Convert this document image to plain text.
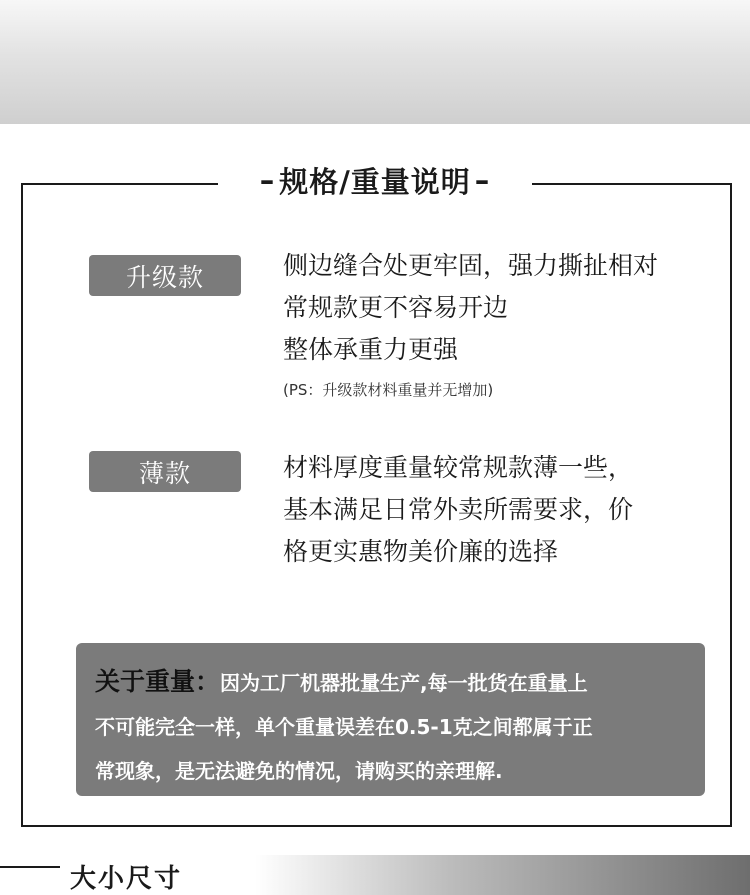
– 规格/重量说明 –
升级款	侧边缝合处更牢固，强力撕扯相对
常规款更不容易开边
整体承重力更强
(PS：升级款材料重量并无增加)
薄款	材料厚度重量较常规款薄一些，
基本满足日常外卖所需要求，价
格更实惠物美价廉的选择
关于重量：因为工厂机器批量生产,每一批货在重量上
不可能完全一样，单个重量误差在0.5-1克之间都属于正
常现象，是无法避免的情况，请购买的亲理解.
大小尺寸
